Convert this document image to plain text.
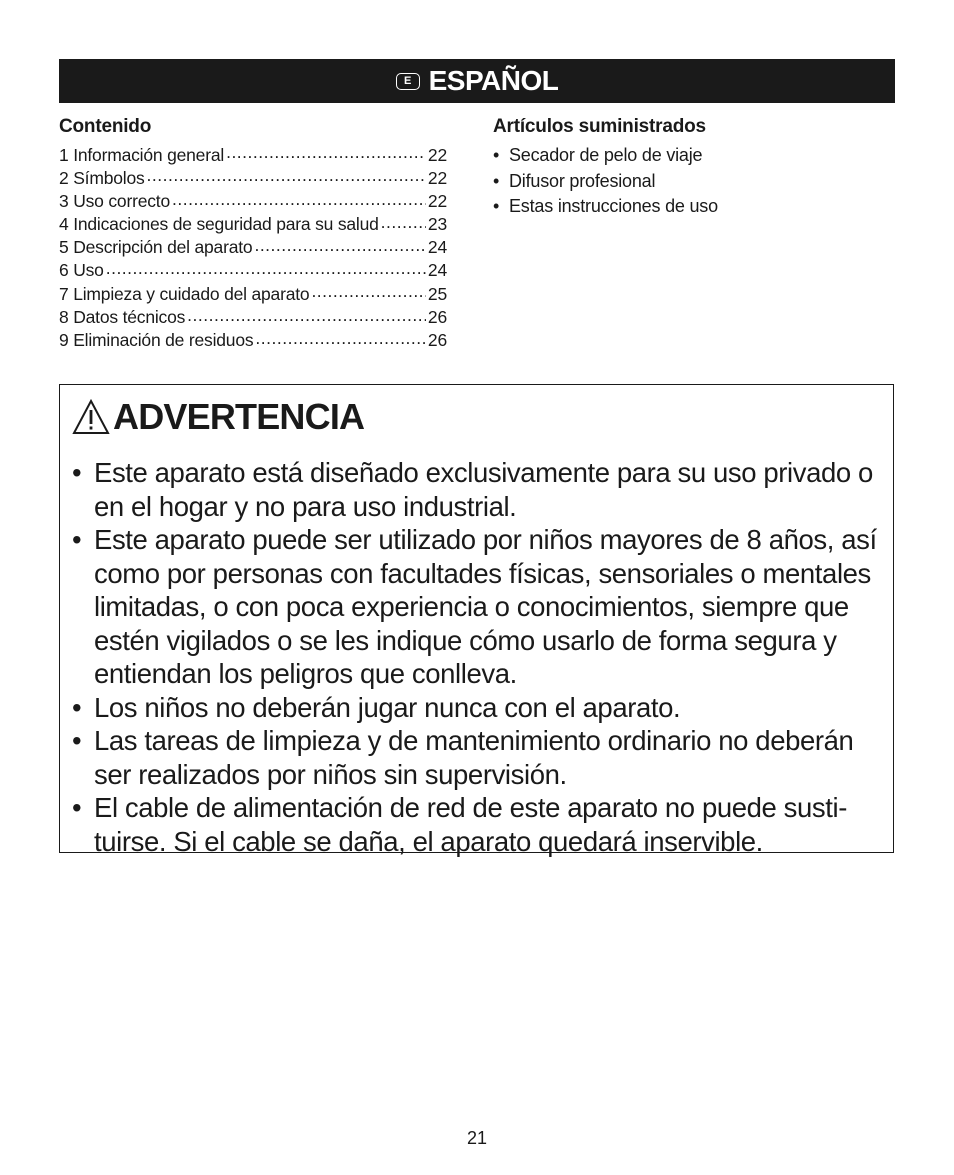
E ESPAÑOL
Contenido
1 Información general .....	22
2 Símbolos .....	22
3 Uso correcto .....	22
4 Indicaciones de seguridad para su salud .....	23
5 Descripción del aparato .....	24
6 Uso .....	24
7 Limpieza y cuidado del aparato .....	25
8 Datos técnicos .....	26
9 Eliminación de residuos .....	26
Artículos suministrados
• Secador de pelo de viaje
• Difusor profesional
• Estas instrucciones de uso
ADVERTENCIA
• Este aparato está diseñado exclusivamente para su uso privado o en el hogar y no para uso industrial.
• Este aparato puede ser utilizado por niños mayores de 8 años, así como por personas con facultades físicas, sensoriales o mentales limitadas, o con poca experiencia o conocimientos, siempre que estén vigilados o se les indique cómo usarlo de forma segura y entiendan los peligros que conlleva.
• Los niños no deberán jugar nunca con el aparato.
• Las tareas de limpieza y de mantenimiento ordinario no deberán ser realizados por niños sin supervisión.
• El cable de alimentación de red de este aparato no puede sustituirse. Si el cable se daña, el aparato quedará inservible.
21
